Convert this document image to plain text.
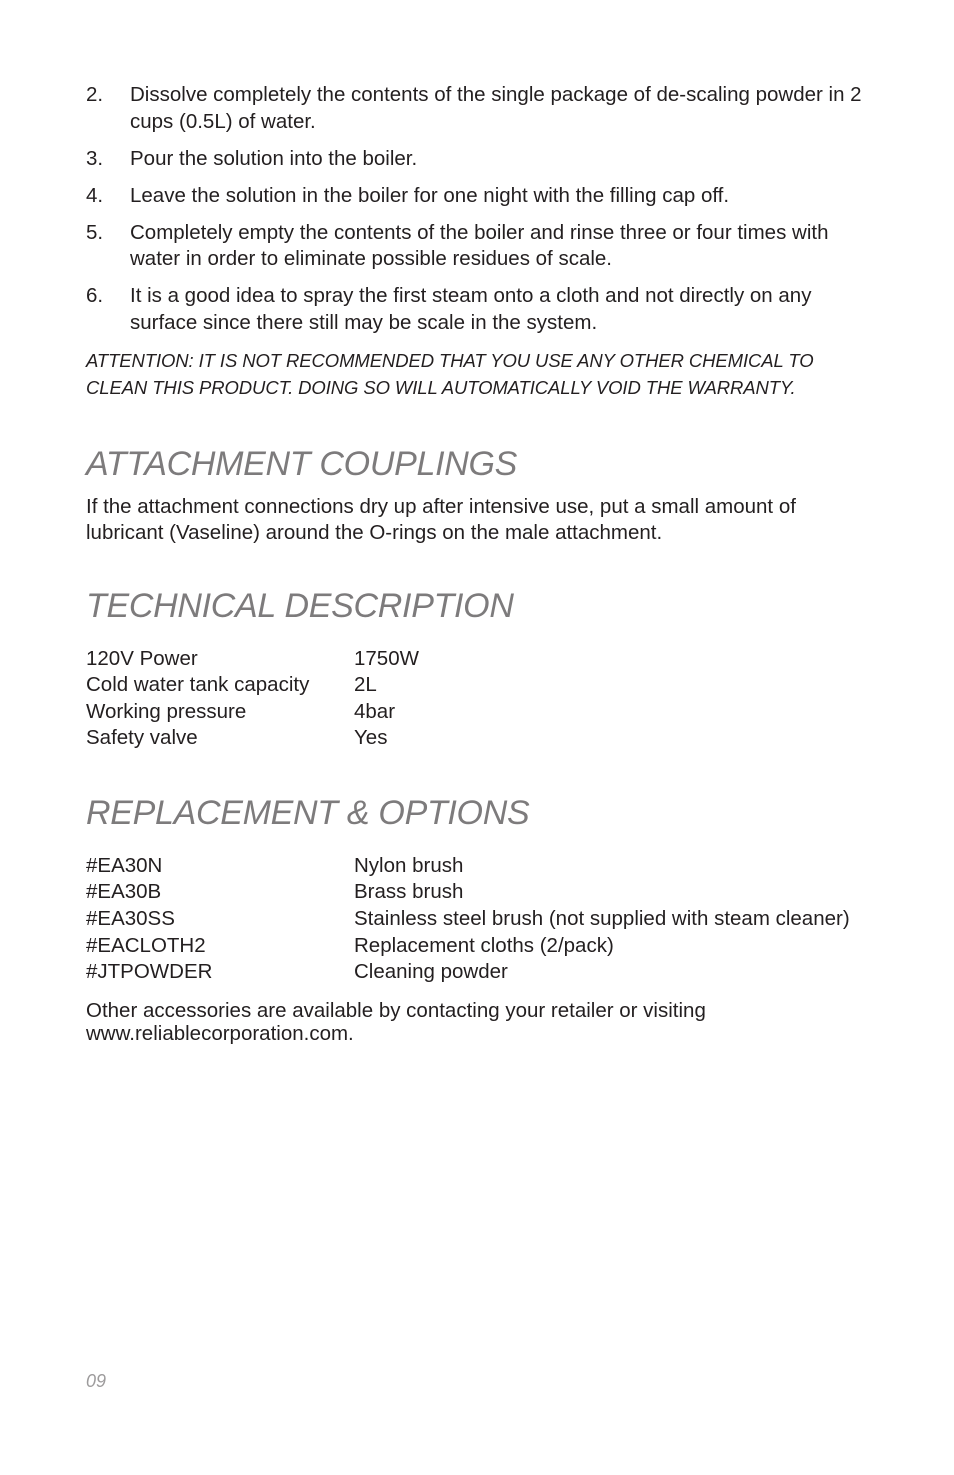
2.	Dissolve completely the contents of the single package of de-scaling powder in 2 cups (0.5L) of water.
3.	Pour the solution into the boiler.
4.	Leave the solution in the boiler for one night with the filling cap off.
5.	Completely empty the contents of the boiler and rinse three or four times with water in order to eliminate possible residues of scale.
6.	It is a good idea to spray the first steam onto a cloth and not directly on any surface since there still may be scale in the system.
ATTENTION: IT IS NOT RECOMMENDED THAT YOU USE ANY OTHER CHEMICAL TO CLEAN THIS PRODUCT. DOING SO WILL AUTOMATICALLY VOID THE WARRANTY.
ATTACHMENT COUPLINGS

If the attachment connections dry up after intensive use, put a small amount of lubricant (Vaseline) around the O-rings on the male attachment.

TECHNICAL DESCRIPTION
120V Power	1750W
Cold water tank capacity	2L
Working pressure	4bar
Safety valve	Yes
REPLACEMENT & OPTIONS
#EA30N	Nylon brush
#EA30B	Brass brush
#EA30SS	Stainless steel brush (not supplied with steam cleaner)
#EACLOTH2	Replacement cloths (2/pack)
#JTPOWDER	Cleaning powder

Other accessories are available by contacting your retailer or visiting
www.reliablecorporation.com.

09
